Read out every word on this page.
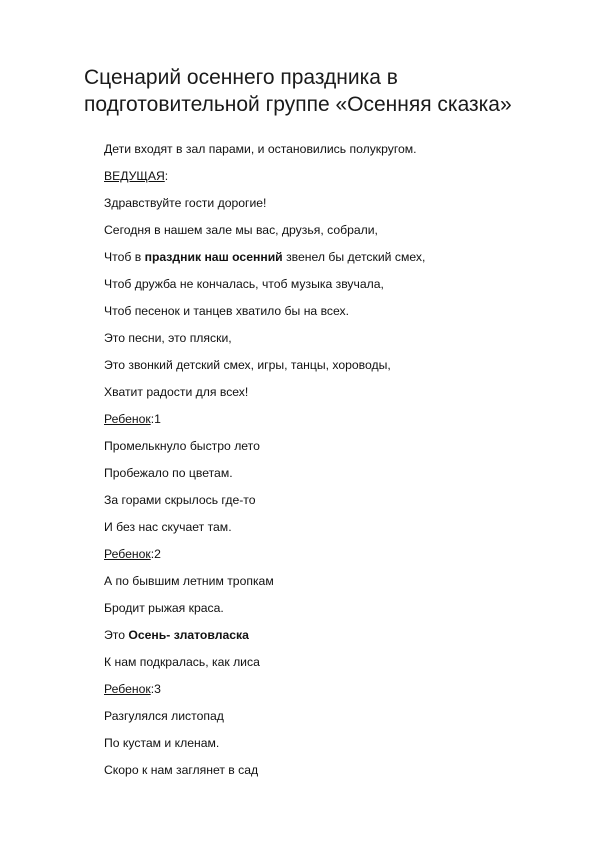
Сценарий осеннего праздника в
подготовительной группе «Осенняя сказка»
Дети входят в зал парами, и остановились полукругом.
ВЕДУЩАЯ:
Здравствуйте гости дорогие!
Сегодня в нашем зале мы вас, друзья, собрали,
Чтоб в праздник наш осенний звенел бы детский смех,
Чтоб дружба не кончалась, чтоб музыка звучала,
Чтоб песенок и танцев хватило бы на всех.
Это песни, это пляски,
Это звонкий детский смех, игры, танцы, хороводы,
Хватит радости для всех!
Ребенок:1
Промелькнуло быстро лето
Пробежало по цветам.
За горами скрылось где-то
И без нас скучает там.
Ребенок:2
А по бывшим летним тропкам
Бродит рыжая краса.
Это Осень- златовласка
К нам подкралась, как лиса
Ребенок:3
Разгулялся листопад
По кустам и кленам.
Скоро к нам заглянет в сад
